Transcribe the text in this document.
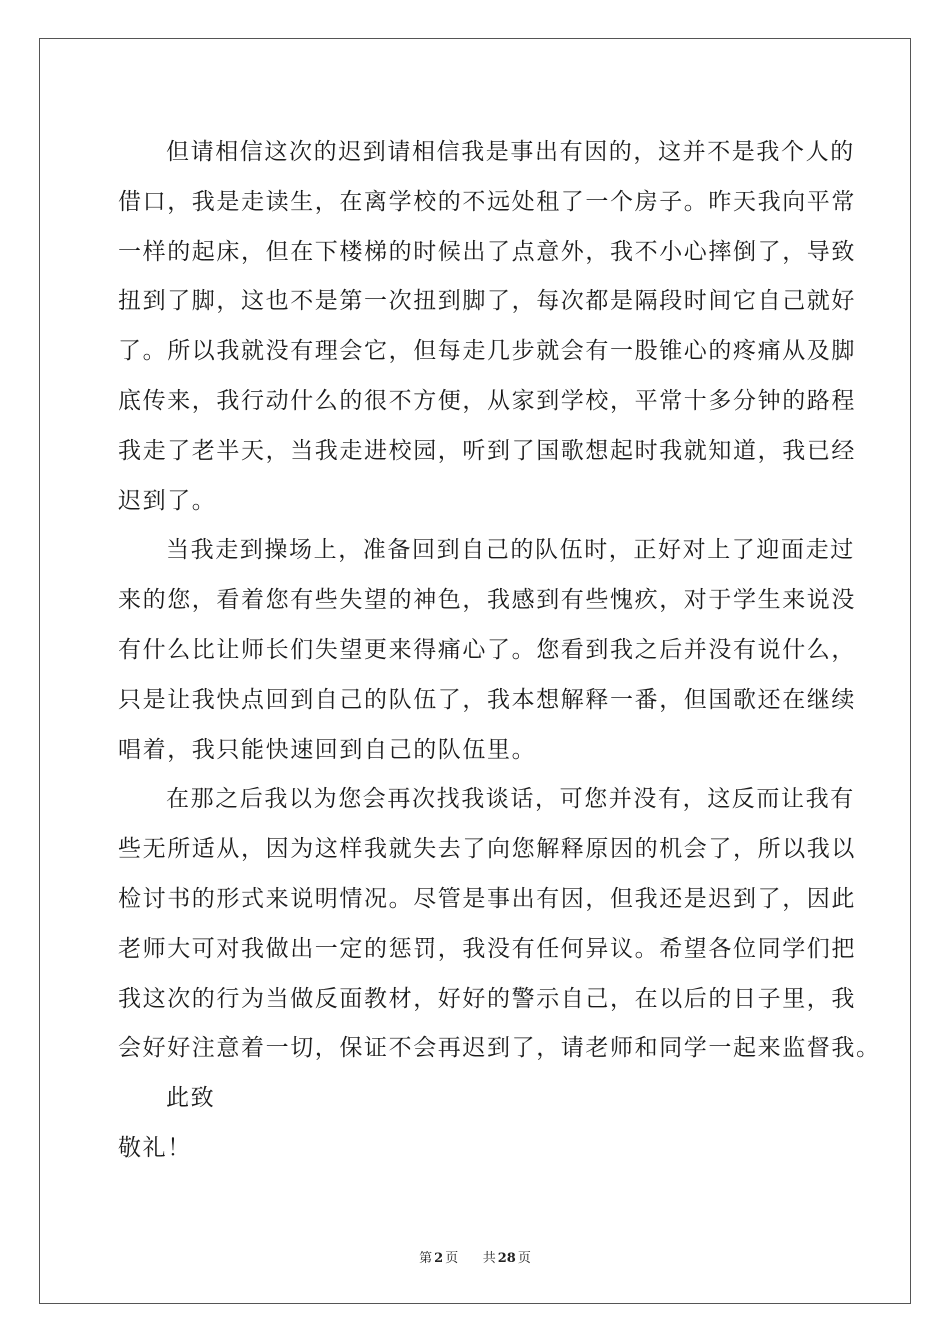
但请相信这次的迟到请相信我是事出有因的，这并不是我个人的
借口，我是走读生，在离学校的不远处租了一个房子。昨天我向平常
一样的起床，但在下楼梯的时候出了点意外，我不小心摔倒了，导致
扭到了脚，这也不是第一次扭到脚了，每次都是隔段时间它自己就好
了。所以我就没有理会它，但每走几步就会有一股锥心的疼痛从及脚
底传来，我行动什么的很不方便，从家到学校，平常十多分钟的路程
我走了老半天，当我走进校园，听到了国歌想起时我就知道，我已经
迟到了。
当我走到操场上，准备回到自己的队伍时，正好对上了迎面走过
来的您，看着您有些失望的神色，我感到有些愧疚，对于学生来说没
有什么比让师长们失望更来得痛心了。您看到我之后并没有说什么，
只是让我快点回到自己的队伍了，我本想解释一番，但国歌还在继续
唱着，我只能快速回到自己的队伍里。
在那之后我以为您会再次找我谈话，可您并没有，这反而让我有
些无所适从，因为这样我就失去了向您解释原因的机会了，所以我以
检讨书的形式来说明情况。尽管是事出有因，但我还是迟到了，因此
老师大可对我做出一定的惩罚，我没有任何异议。希望各位同学们把
我这次的行为当做反面教材，好好的警示自己，在以后的日子里，我
会好好注意着一切，保证不会再迟到了，请老师和同学一起来监督我。
此致
敬礼！
第 2 页 共 28 页
